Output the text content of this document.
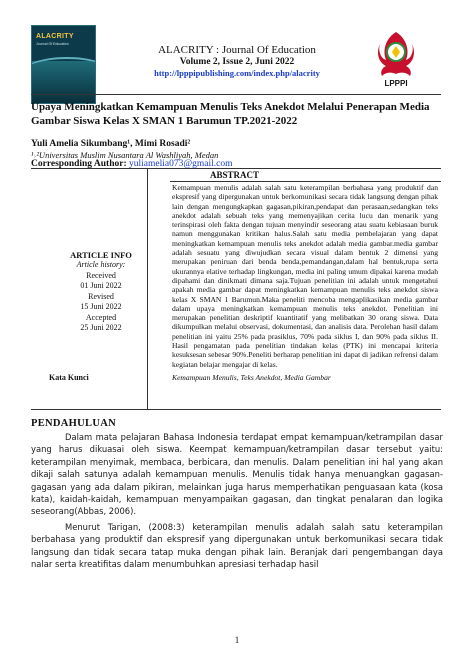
ALACRITY
Journal Of Education	ALACRITY : Journal Of Education
Volume 2, Issue 2, Juni 2022
http://lpppipublishing.com/index.php/alacrity
LPPPI
Upaya Meningkatkan Kemampuan Menulis Teks Anekdot Melalui Penerapan Media Gambar Siswa Kelas X SMAN 1 Barumun TP.2021-2022
Yuli Amelia Sikumbang¹, Mimi Rosadi²
¹˒²Universitas Muslim Nusantara Al Washliyah, Medan
Corresponding Author: yuliamelia073@gmail.com
ABSTRACT
Kemampuan menulis adalah salah satu keterampilan berbahasa yang produktif dan ekspresif yang dipergunakan untuk berkomunikasi secara tidak langsung dengan pihak lain dengan mengungkapkan gagasan,pikiran,pendapat dan perasaan,sedangkan teks anekdot adalah sebuah teks yang memenyajikan cerita lucu dan menarik yang terinspirasi oleh fakta dengan tujuan menyindir seseorang atau suatu kebiasaan buruk namun menggunakan kritikan halus.Salah satu media pembelajaran yang dapat meningkatkan kemampuan menulis teks anekdot adalah media gambar.media gambar adalah sesuatu yang diwujudkan secara visual dalam bentuk 2 dimensi yang merupakan peniruan dari benda benda,pemandangan,dalam hal bentuk,rupa serta ukurannya elative terhadap lingkungan, media ini paling umum dipakai karena mudah dipahami dan dinikmati dimana saja.Tujuan penelitian ini adalah untuk mengetahui apakah media gambar dapat meningkatkan kemampuan menulis teks anekdot siswa kelas X SMAN 1 Barumun.Maka peneliti mencoba mengaplikasikan media gambar dalam upaya meningkatkan kemampuan menulis teks anekdot. Penelitian ini merupakan penelitian deskriptif kuantitatif yang melibatkan 30 orang siswa. Data dikumpulkan melalui observasi, dokumentasi, dan analisis data. Perolehan hasil dalam penelitian ini yaitu 25% pada prasiklus, 70% pada siklus I, dan 90% pada siklus II. Hasil pengamatan pada penelitian tindakan kelas (PTK) ini mencapai kriteria kesuksesan sebesar 90%.Peneliti berharap penelitian ini dapat di jadikan refrensi dalam kegiatan belajar mengajar di kelas.
ARTICLE INFO
Article history:
Received
01 Juni 2022
Revised
15 Juni 2022
Accepted
25 Juni 2022
Kata Kunci	Kemampuan Menulis, Teks Anekdot, Media Gambar
PENDAHULUAN

Dalam mata pelajaran Bahasa Indonesia terdapat empat kemampuan/ketrampilan dasar yang harus dikuasai oleh siswa. Keempat kemampuan/ketrampilan dasar tersebut yaitu: keterampilan menyimak, membaca, berbicara, dan menulis. Dalam penelitian ini hal yang akan dikaji salah satunya adalah kemampuan menulis. Menulis tidak hanya menuangkan gagasan-gagasan yang ada dalam pikiran, melainkan juga harus memperhatikan penguasaan kata (kosa kata), kaidah-kaidah, kemampuan menyampaikan gagasan, dan tingkat penalaran dan logika seseorang(Abbas, 2006).

Menurut Tarigan, (2008:3) keterampilan menulis adalah salah satu keterampilan berbahasa yang produktif dan ekspresif yang dipergunakan untuk berkomunikasi secara tidak langsung dan tidak secara tatap muka dengan pihak lain. Beranjak dari pengembangan daya nalar serta kreatifitas dalam menumbuhkan apresiasi terhadap hasil

1
